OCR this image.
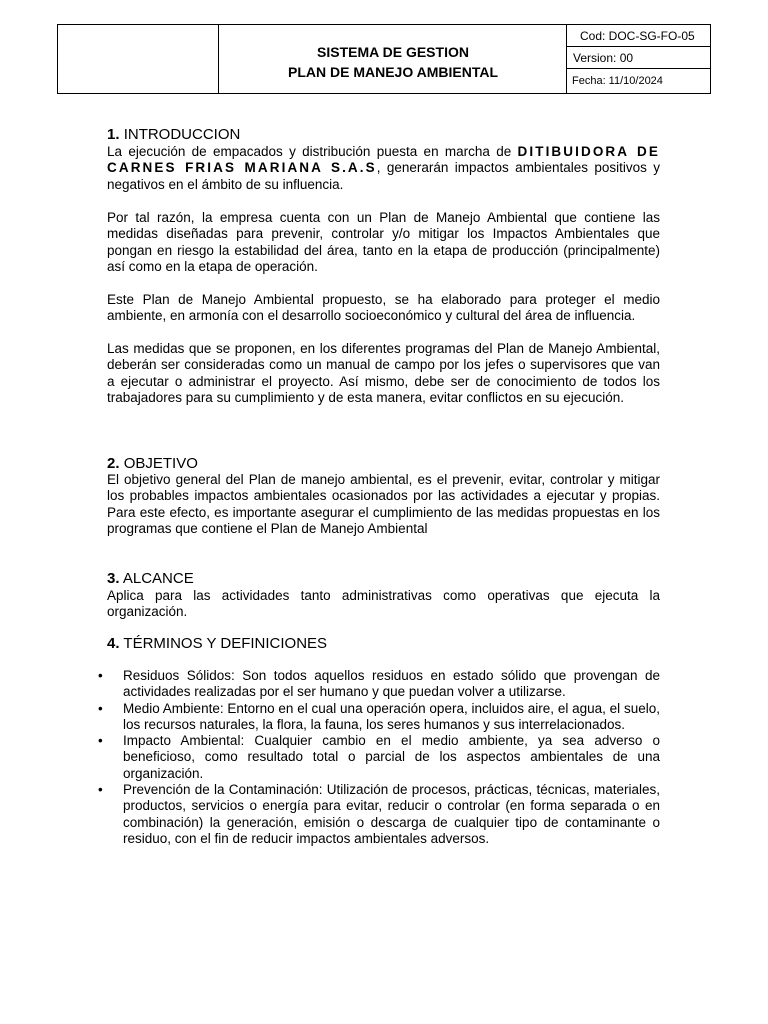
SISTEMA DE GESTION
PLAN DE MANEJO AMBIENTAL
Cod: DOC-SG-FO-05
Version: 00
Fecha: 11/10/2024
1. INTRODUCCION
La ejecución de empacados y distribución puesta en marcha de DITIBUIDORA DE CARNES FRIAS MARIANA S.A.S, generarán impactos ambientales positivos y negativos en el ámbito de su influencia.
Por tal razón, la empresa cuenta con un Plan de Manejo Ambiental que contiene las medidas diseñadas para prevenir, controlar y/o mitigar los Impactos Ambientales que pongan en riesgo la estabilidad del área, tanto en la etapa de producción (principalmente) así como en la etapa de operación.
Este Plan de Manejo Ambiental propuesto, se ha elaborado para proteger el medio ambiente, en armonía con el desarrollo socioeconómico y cultural del área de influencia.
Las medidas que se proponen, en los diferentes programas del Plan de Manejo Ambiental, deberán ser consideradas como un manual de campo por los jefes o supervisores que van a ejecutar o administrar el proyecto. Así mismo, debe ser de conocimiento de todos los trabajadores para su cumplimiento y de esta manera, evitar conflictos en su ejecución.
2. OBJETIVO
El objetivo general del Plan de manejo ambiental, es el prevenir, evitar, controlar y mitigar los probables impactos ambientales ocasionados por las actividades a ejecutar y propias. Para este efecto, es importante asegurar el cumplimiento de las medidas propuestas en los programas que contiene el Plan de Manejo Ambiental
3. ALCANCE
Aplica para las actividades tanto administrativas como operativas que ejecuta la organización.
4. TÉRMINOS Y DEFINICIONES
• Residuos Sólidos: Son todos aquellos residuos en estado sólido que provengan de actividades realizadas por el ser humano y que puedan volver a utilizarse.
• Medio Ambiente: Entorno en el cual una operación opera, incluidos aire, el agua, el suelo, los recursos naturales, la flora, la fauna, los seres humanos y sus interrelacionados.
• Impacto Ambiental: Cualquier cambio en el medio ambiente, ya sea adverso o beneficioso, como resultado total o parcial de los aspectos ambientales de una organización.
• Prevención de la Contaminación: Utilización de procesos, prácticas, técnicas, materiales, productos, servicios o energía para evitar, reducir o controlar (en forma separada o en combinación) la generación, emisión o descarga de cualquier tipo de contaminante o residuo, con el fin de reducir impactos ambientales adversos.
